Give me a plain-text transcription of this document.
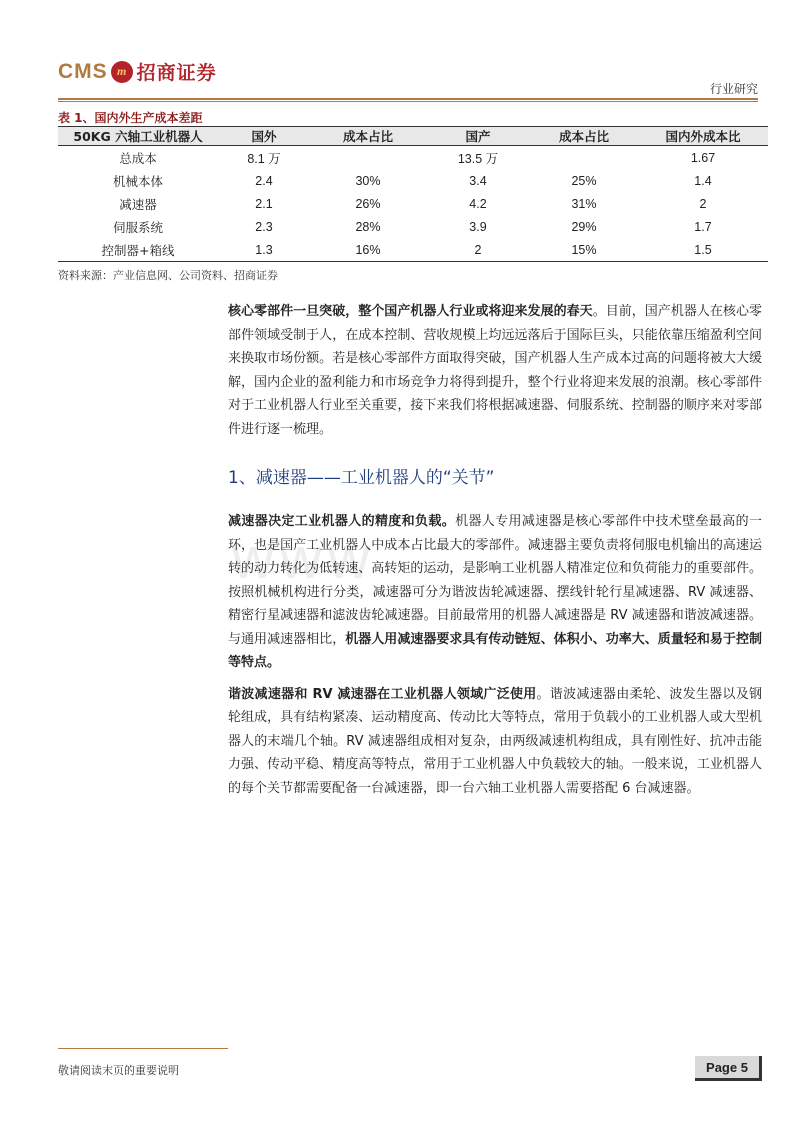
CMS m 招商证券
行业研究
表 1、国内外生产成本差距
50KG 六轴工业机器人	国外	成本占比	国产	成本占比	国内外成本比
总成本	8.1 万		13.5 万		1.67
机械本体	2.4	30%	3.4	25%	1.4
减速器	2.1	26%	4.2	31%	2
伺服系统	2.3	28%	3.9	29%	1.7
控制器+箱线	1.3	16%	2	15%	1.5
资料来源：产业信息网、公司资料、招商证券
www

核心零部件一旦突破，整个国产机器人行业或将迎来发展的春天。目前，国产机器人在核心零部件领域受制于人，在成本控制、营收规模上均远远落后于国际巨头，只能依靠压缩盈利空间来换取市场份额。若是核心零部件方面取得突破，国产机器人生产成本过高的问题将被大大缓解，国内企业的盈利能力和市场竞争力将得到提升，整个行业将迎来发展的浪潮。核心零部件对于工业机器人行业至关重要，接下来我们将根据减速器、伺服系统、控制器的顺序来对零部件进行逐一梳理。

1、减速器——工业机器人的“关节”

减速器决定工业机器人的精度和负载。机器人专用减速器是核心零部件中技术壁垒最高的一环，也是国产工业机器人中成本占比最大的零部件。减速器主要负责将伺服电机输出的高速运转的动力转化为低转速、高转矩的运动，是影响工业机器人精准定位和负荷能力的重要部件。按照机械机构进行分类，减速器可分为谐波齿轮减速器、摆线针轮行星减速器、RV 减速器、精密行星减速器和滤波齿轮减速器。目前最常用的机器人减速器是 RV 减速器和谐波减速器。与通用减速器相比，机器人用减速器要求具有传动链短、体积小、功率大、质量轻和易于控制等特点。

谐波减速器和 RV 减速器在工业机器人领域广泛使用。谐波减速器由柔轮、波发生器以及钢轮组成，具有结构紧凑、运动精度高、传动比大等特点，常用于负载小的工业机器人或大型机器人的末端几个轴。RV 减速器组成相对复杂，由两级减速机构组成，具有刚性好、抗冲击能力强、传动平稳、精度高等特点，常用于工业机器人中负载较大的轴。一般来说，工业机器人的每个关节都需要配备一台减速器，即一台六轴工业机器人需要搭配 6 台减速器。

敬请阅读末页的重要说明	Page 5
